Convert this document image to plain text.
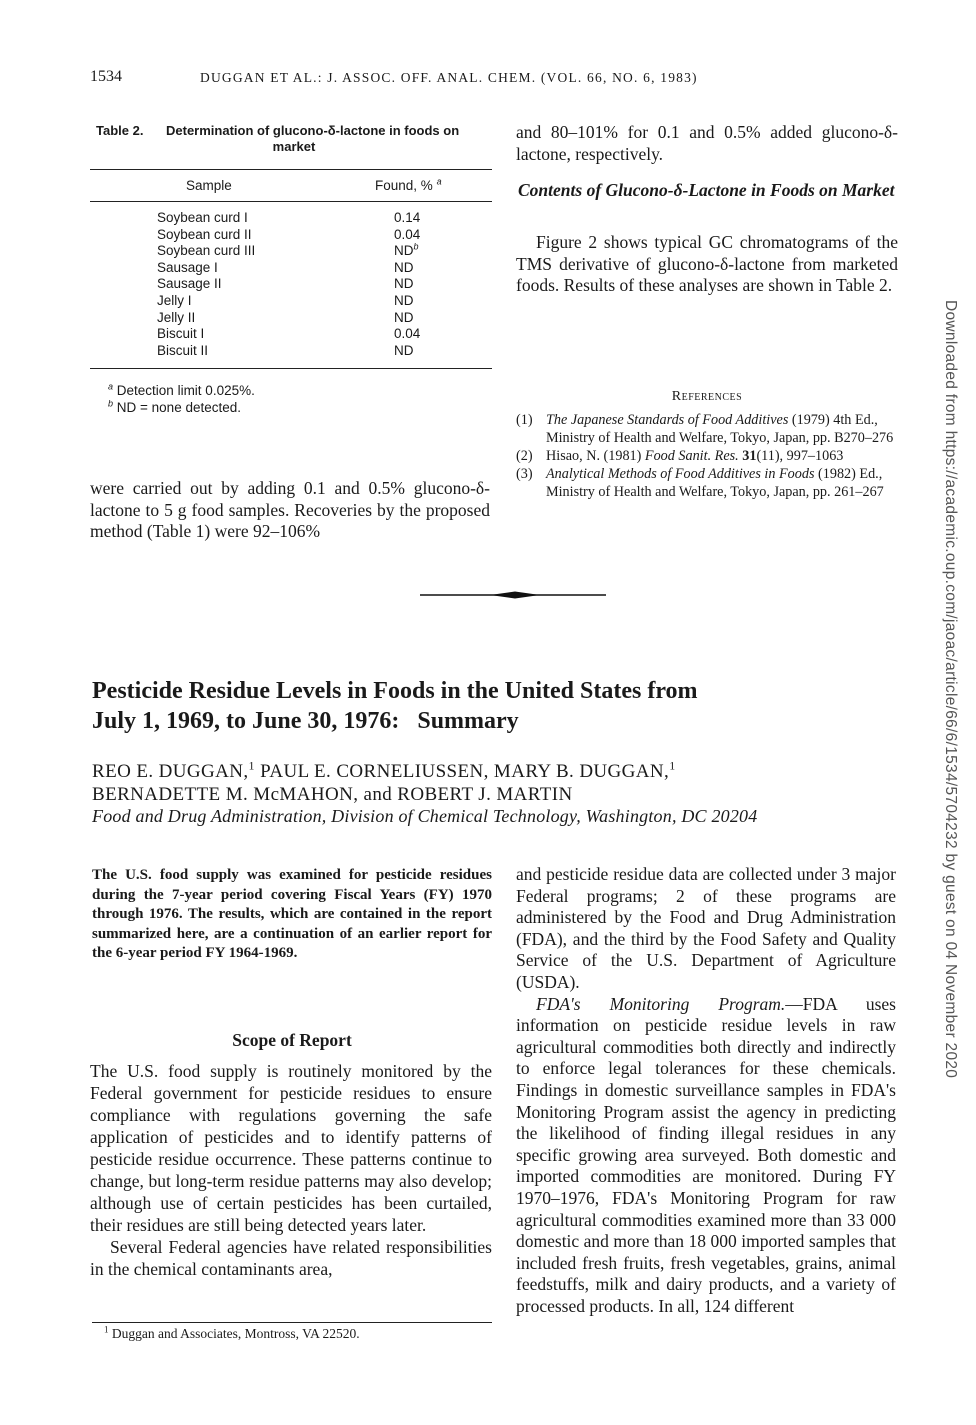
1534	DUGGAN ET AL.: J. ASSOC. OFF. ANAL. CHEM. (VOL. 66, NO. 6, 1983)
Table 2. Determination of glucono-δ-lactone in foods on
market
Sample	Found, % $^a$
Soybean curd I	0.14
Soybean curd II	0.04
Soybean curd III	$ND^b$
Sausage I	ND
Sausage II	ND
Jelly I	ND
Jelly II	ND
Biscuit I	0.04
Biscuit II	ND
$^a$ Detection limit 0.025%.
$^b$ ND = none detected.
were carried out by adding 0.1 and 0.5% glucono-δ-lactone to 5 g food samples. Recoveries by the proposed method (Table 1) were 92–106%
and 80–101% for 0.1 and 0.5% added glucono-δ-lactone, respectively.
Contents of Glucono-δ-Lactone in Foods on Market
Figure 2 shows typical GC chromatograms of the TMS derivative of glucono-δ-lactone from marketed foods. Results of these analyses are shown in Table 2.
References
(1) The Japanese Standards of Food Additives (1979) 4th Ed., Ministry of Health and Welfare, Tokyo, Japan, pp. B270–276
(2) Hisao, N. (1981) Food Sanit. Res. 31(11), 997–1063
(3) Analytical Methods of Food Additives in Foods (1982) Ed., Ministry of Health and Welfare, Tokyo, Japan, pp. 261–267
Pesticide Residue Levels in Foods in the United States from
July 1, 1969, to June 30, 1976:   Summary
REO E. DUGGAN,$^1$ PAUL E. CORNELIUSSEN, MARY B. DUGGAN,$^1$
BERNADETTE M. McMAHON, and ROBERT J. MARTIN
Food and Drug Administration, Division of Chemical Technology, Washington, DC 20204
The U.S. food supply was examined for pesticide residues during the 7-year period covering Fiscal Years (FY) 1970 through 1976. The results, which are contained in the report summarized here, are a continuation of an earlier report for the 6-year period FY 1964-1969.
Scope of Report

The U.S. food supply is routinely monitored by the Federal government for pesticide residues to ensure compliance with regulations governing the safe application of pesticides and to identify patterns of pesticide residue occurrence. These patterns continue to change, but long-term residue patterns may also develop; although use of certain pesticides has been curtailed, their residues are still being detected years later.

Several Federal agencies have related responsibilities in the chemical contaminants area,

$^1$ Duggan and Associates, Montross, VA 22520.

and pesticide residue data are collected under 3 major Federal programs; 2 of these programs are administered by the Food and Drug Administration (FDA), and the third by the Food Safety and Quality Service of the U.S. Department of Agriculture (USDA).

FDA's Monitoring Program.—FDA uses information on pesticide residue levels in raw agricultural commodities both directly and indirectly to enforce legal tolerances for these chemicals. Findings in domestic surveillance samples in FDA's Monitoring Program assist the agency in predicting the likelihood of finding illegal residues in any specific growing area surveyed. Both domestic and imported commodities are monitored. During FY 1970–1976, FDA's Monitoring Program for raw agricultural commodities examined more than 33 000 domestic and more than 18 000 imported samples that included fresh fruits, fresh vegetables, grains, animal feedstuffs, milk and dairy products, and a variety of processed products. In all, 124 different

Downloaded from https://academic.oup.com/jaoac/article/66/6/1534/5704232 by guest on 04 November 2020
